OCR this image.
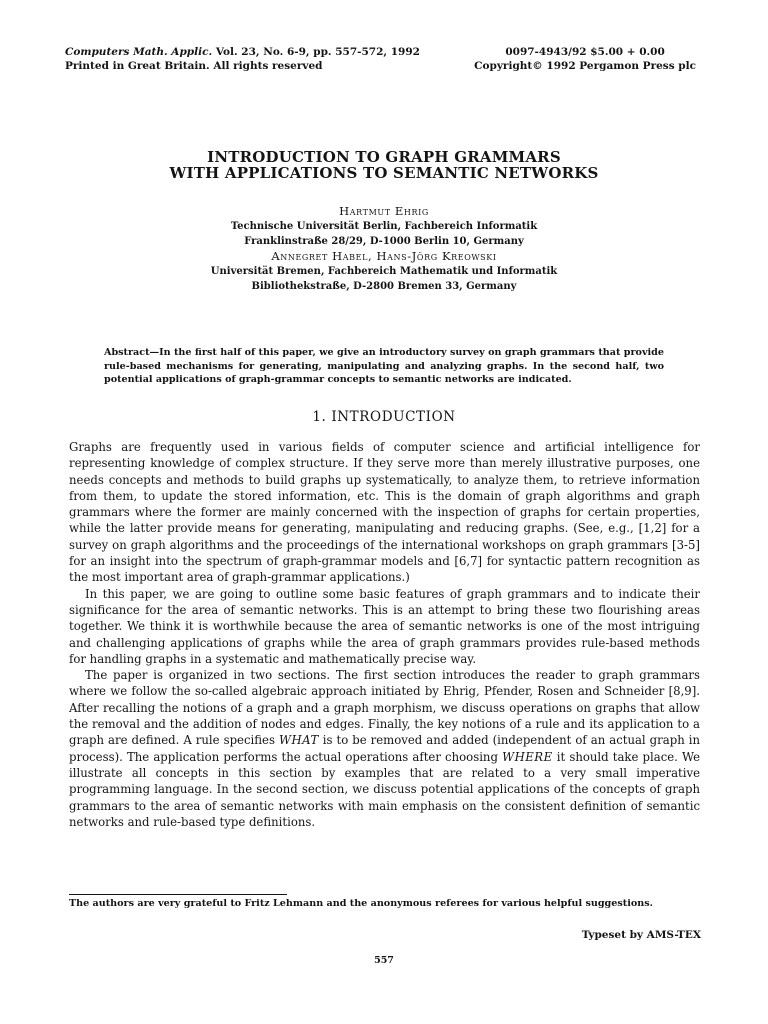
Computers Math. Applic. Vol. 23, No. 6-9, pp. 557-572, 1992
Printed in Great Britain. All rights reserved
0097-4943/92 $5.00 + 0.00
Copyright© 1992 Pergamon Press plc
INTRODUCTION TO GRAPH GRAMMARS
WITH APPLICATIONS TO SEMANTIC NETWORKS
Hartmut Ehrig
Technische Universität Berlin, Fachbereich Informatik
Franklinstraße 28/29, D-1000 Berlin 10, Germany
Annegret Habel, Hans-Jörg Kreowski
Universität Bremen, Fachbereich Mathematik und Informatik
Bibliothekstraße, D-2800 Bremen 33, Germany
Abstract—In the first half of this paper, we give an introductory survey on graph grammars that provide rule-based mechanisms for generating, manipulating and analyzing graphs. In the second half, two potential applications of graph-grammar concepts to semantic networks are indicated.
1. INTRODUCTION

Graphs are frequently used in various fields of computer science and artificial intelligence for representing knowledge of complex structure. If they serve more than merely illustrative purposes, one needs concepts and methods to build graphs up systematically, to analyze them, to retrieve information from them, to update the stored information, etc. This is the domain of graph algorithms and graph grammars where the former are mainly concerned with the inspection of graphs for certain properties, while the latter provide means for generating, manipulating and reducing graphs. (See, e.g., [1,2] for a survey on graph algorithms and the proceedings of the international workshops on graph grammars [3-5] for an insight into the spectrum of graph-grammar models and [6,7] for syntactic pattern recognition as the most important area of graph-grammar applications.)

In this paper, we are going to outline some basic features of graph grammars and to indicate their significance for the area of semantic networks. This is an attempt to bring these two flourishing areas together. We think it is worthwhile because the area of semantic networks is one of the most intriguing and challenging applications of graphs while the area of graph grammars provides rule-based methods for handling graphs in a systematic and mathematically precise way.

The paper is organized in two sections. The first section introduces the reader to graph grammars where we follow the so-called algebraic approach initiated by Ehrig, Pfender, Rosen and Schneider [8,9]. After recalling the notions of a graph and a graph morphism, we discuss operations on graphs that allow the removal and the addition of nodes and edges. Finally, the key notions of a rule and its application to a graph are defined. A rule specifies WHAT is to be removed and added (independent of an actual graph in process). The application performs the actual operations after choosing WHERE it should take place. We illustrate all concepts in this section by examples that are related to a very small imperative programming language. In the second section, we discuss potential applications of the concepts of graph grammars to the area of semantic networks with main emphasis on the consistent definition of semantic networks and rule-based type definitions.

The authors are very grateful to Fritz Lehmann and the anonymous referees for various helpful suggestions.
Typeset by AMS-TEX
557
